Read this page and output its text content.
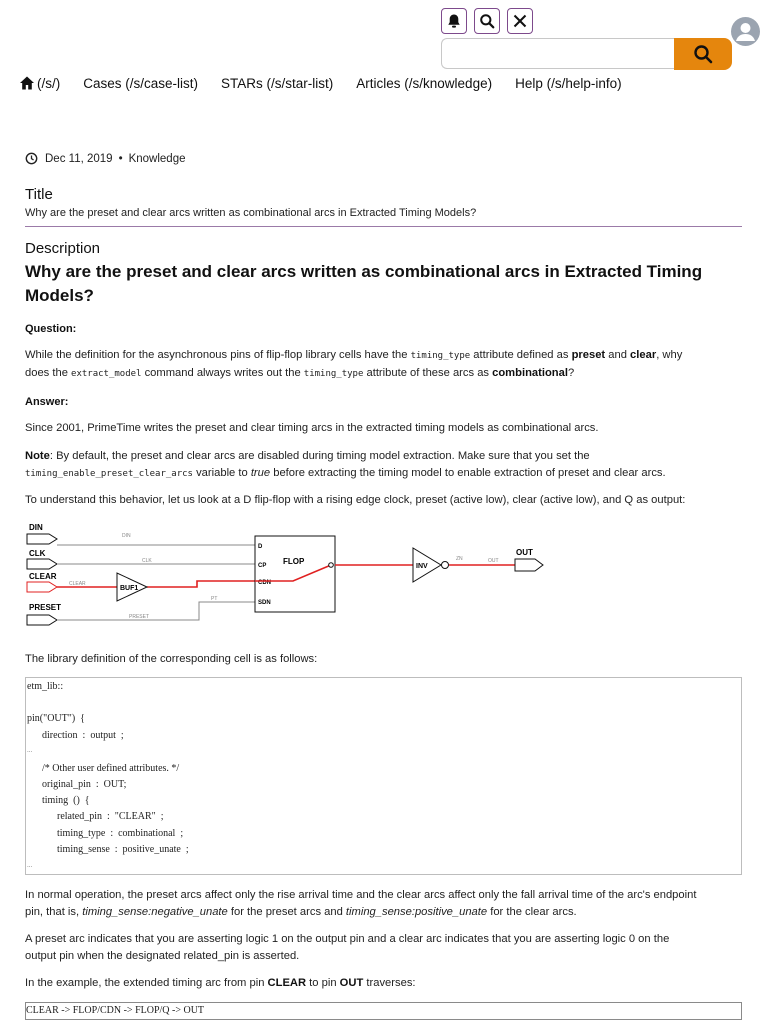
(/s/) Cases (/s/case-list) STARs (/s/star-list) Articles (/s/knowledge) Help (/s/help-info)
Dec 11, 2019 • Knowledge
Title
Why are the preset and clear arcs written as combinational arcs in Extracted Timing Models?
Description
Why are the preset and clear arcs written as combinational arcs in Extracted Timing Models?

Question:

While the definition for the asynchronous pins of flip-flop library cells have the timing_type attribute defined as preset and clear, why
does the extract_model command always writes out the timing_type attribute of these arcs as combinational?

Answer:

Since 2001, PrimeTime writes the preset and clear timing arcs in the extracted timing models as combinational arcs.

Note: By default, the preset and clear arcs are disabled during timing model extraction. Make sure that you set the
timing_enable_preset_clear_arcs variable to true before extracting the timing model to enable extraction of preset and clear arcs.

To understand this behavior, let us look at a D flip-flop with a rising edge clock, preset (active low), clear (active low), and Q as output:

DIN
CLK
CLEAR
PRESET
DIN
CLK
CLEAR
PRESET
PT
BUF1
FLOP
D
CP
CDN
SDN
INV
ZN	OUT
OUT

The library definition of the corresponding cell is as follows:

etm_lib::
pin("OUT")  {
direction  :  output  ;
...
/* Other user defined attributes. */
original_pin  :  OUT;
timing  ()  {
related_pin  :  "CLEAR"  ;
timing_type  :  combinational  ;
timing_sense  :  positive_unate  ;
...

In normal operation, the preset arcs affect only the rise arrival time and the clear arcs affect only the fall arrival time of the arc's endpoint
pin, that is, timing_sense:negative_unate for the preset arcs and timing_sense:positive_unate for the clear arcs.

A preset arc indicates that you are asserting logic 1 on the output pin and a clear arc indicates that you are asserting logic 0 on the
output pin when the designated related_pin is asserted.

In the example, the extended timing arc from pin CLEAR to pin OUT traverses:

CLEAR -> FLOP/CDN -> FLOP/Q -> OUT
